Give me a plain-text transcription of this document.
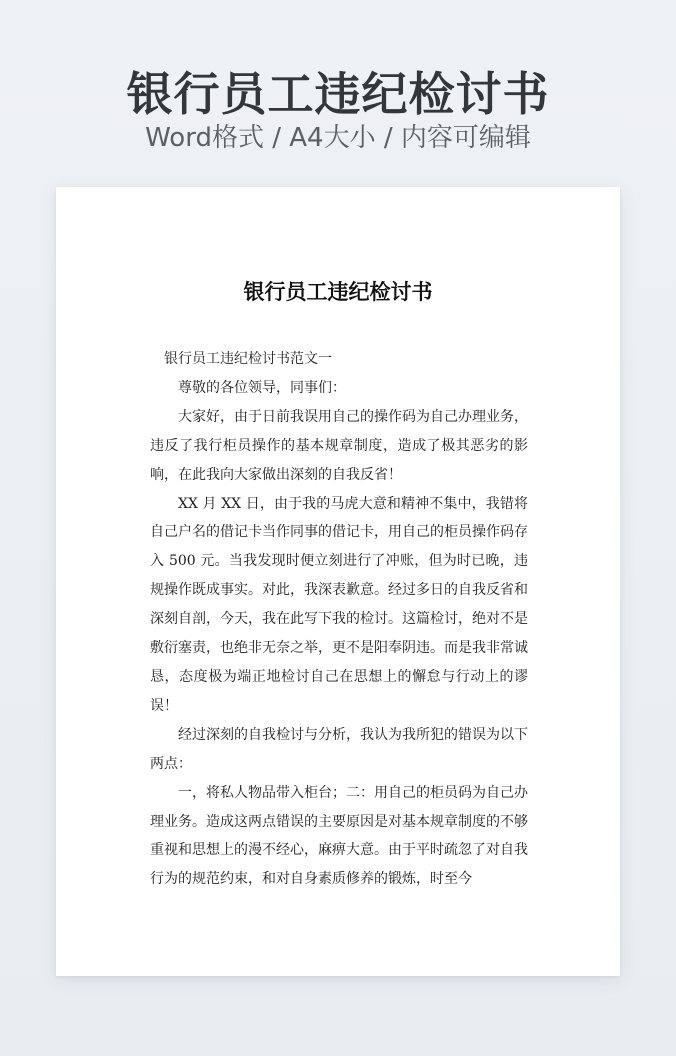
银行员工违纪检讨书
Word格式 / A4大小 / 内容可编辑
银行员工违纪检讨书

银行员工违纪检讨书范文一

尊敬的各位领导，同事们：

大家好，由于日前我误用自己的操作码为自己办理业务，违反了我行柜员操作的基本规章制度，造成了极其恶劣的影响，在此我向大家做出深刻的自我反省！

XX 月 XX 日，由于我的马虎大意和精神不集中，我错将自己户名的借记卡当作同事的借记卡，用自己的柜员操作码存入 500 元。当我发现时便立刻进行了冲账，但为时已晚，违规操作既成事实。对此，我深表歉意。经过多日的自我反省和深刻自剖，今天，我在此写下我的检讨。这篇检讨，绝对不是敷衍塞责，也绝非无奈之举，更不是阳奉阴违。而是我非常诚恳，态度极为端正地检讨自己在思想上的懈怠与行动上的谬误！

经过深刻的自我检讨与分析，我认为我所犯的错误为以下两点：

一，将私人物品带入柜台；二：用自己的柜员码为自己办理业务。造成这两点错误的主要原因是对基本规章制度的不够重视和思想上的漫不经心，麻痹大意。由于平时疏忽了对自我行为的规范约束，和对自身素质修养的锻炼，时至今
